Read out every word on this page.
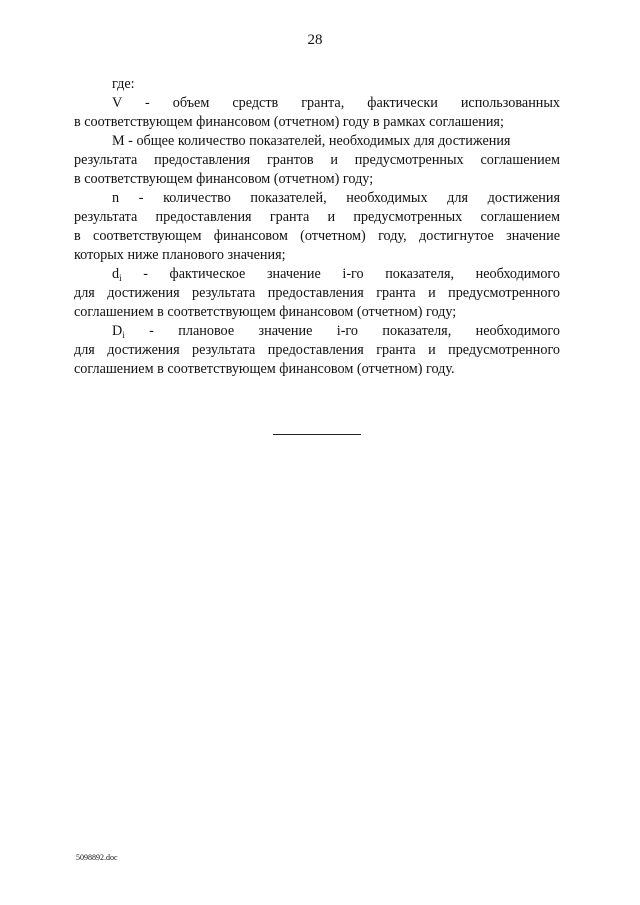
28
где:
V - объем средств гранта, фактически использованных
в соответствующем финансовом (отчетном) году в рамках соглашения;
M - общее количество показателей, необходимых для достижения
результата предоставления грантов и предусмотренных соглашением
в соответствующем финансовом (отчетном) году;
n - количество показателей, необходимых для достижения
результата предоставления гранта и предусмотренных соглашением
в соответствующем финансовом (отчетном) году, достигнутое значение
которых ниже планового значения;
$d_i$ - фактическое значение i-го показателя, необходимого
для достижения результата предоставления гранта и предусмотренного
соглашением в соответствующем финансовом (отчетном) году;
$D_i$ - плановое значение i-го показателя, необходимого
для достижения результата предоставления гранта и предусмотренного
соглашением в соответствующем финансовом (отчетном) году.
5098892.doc
